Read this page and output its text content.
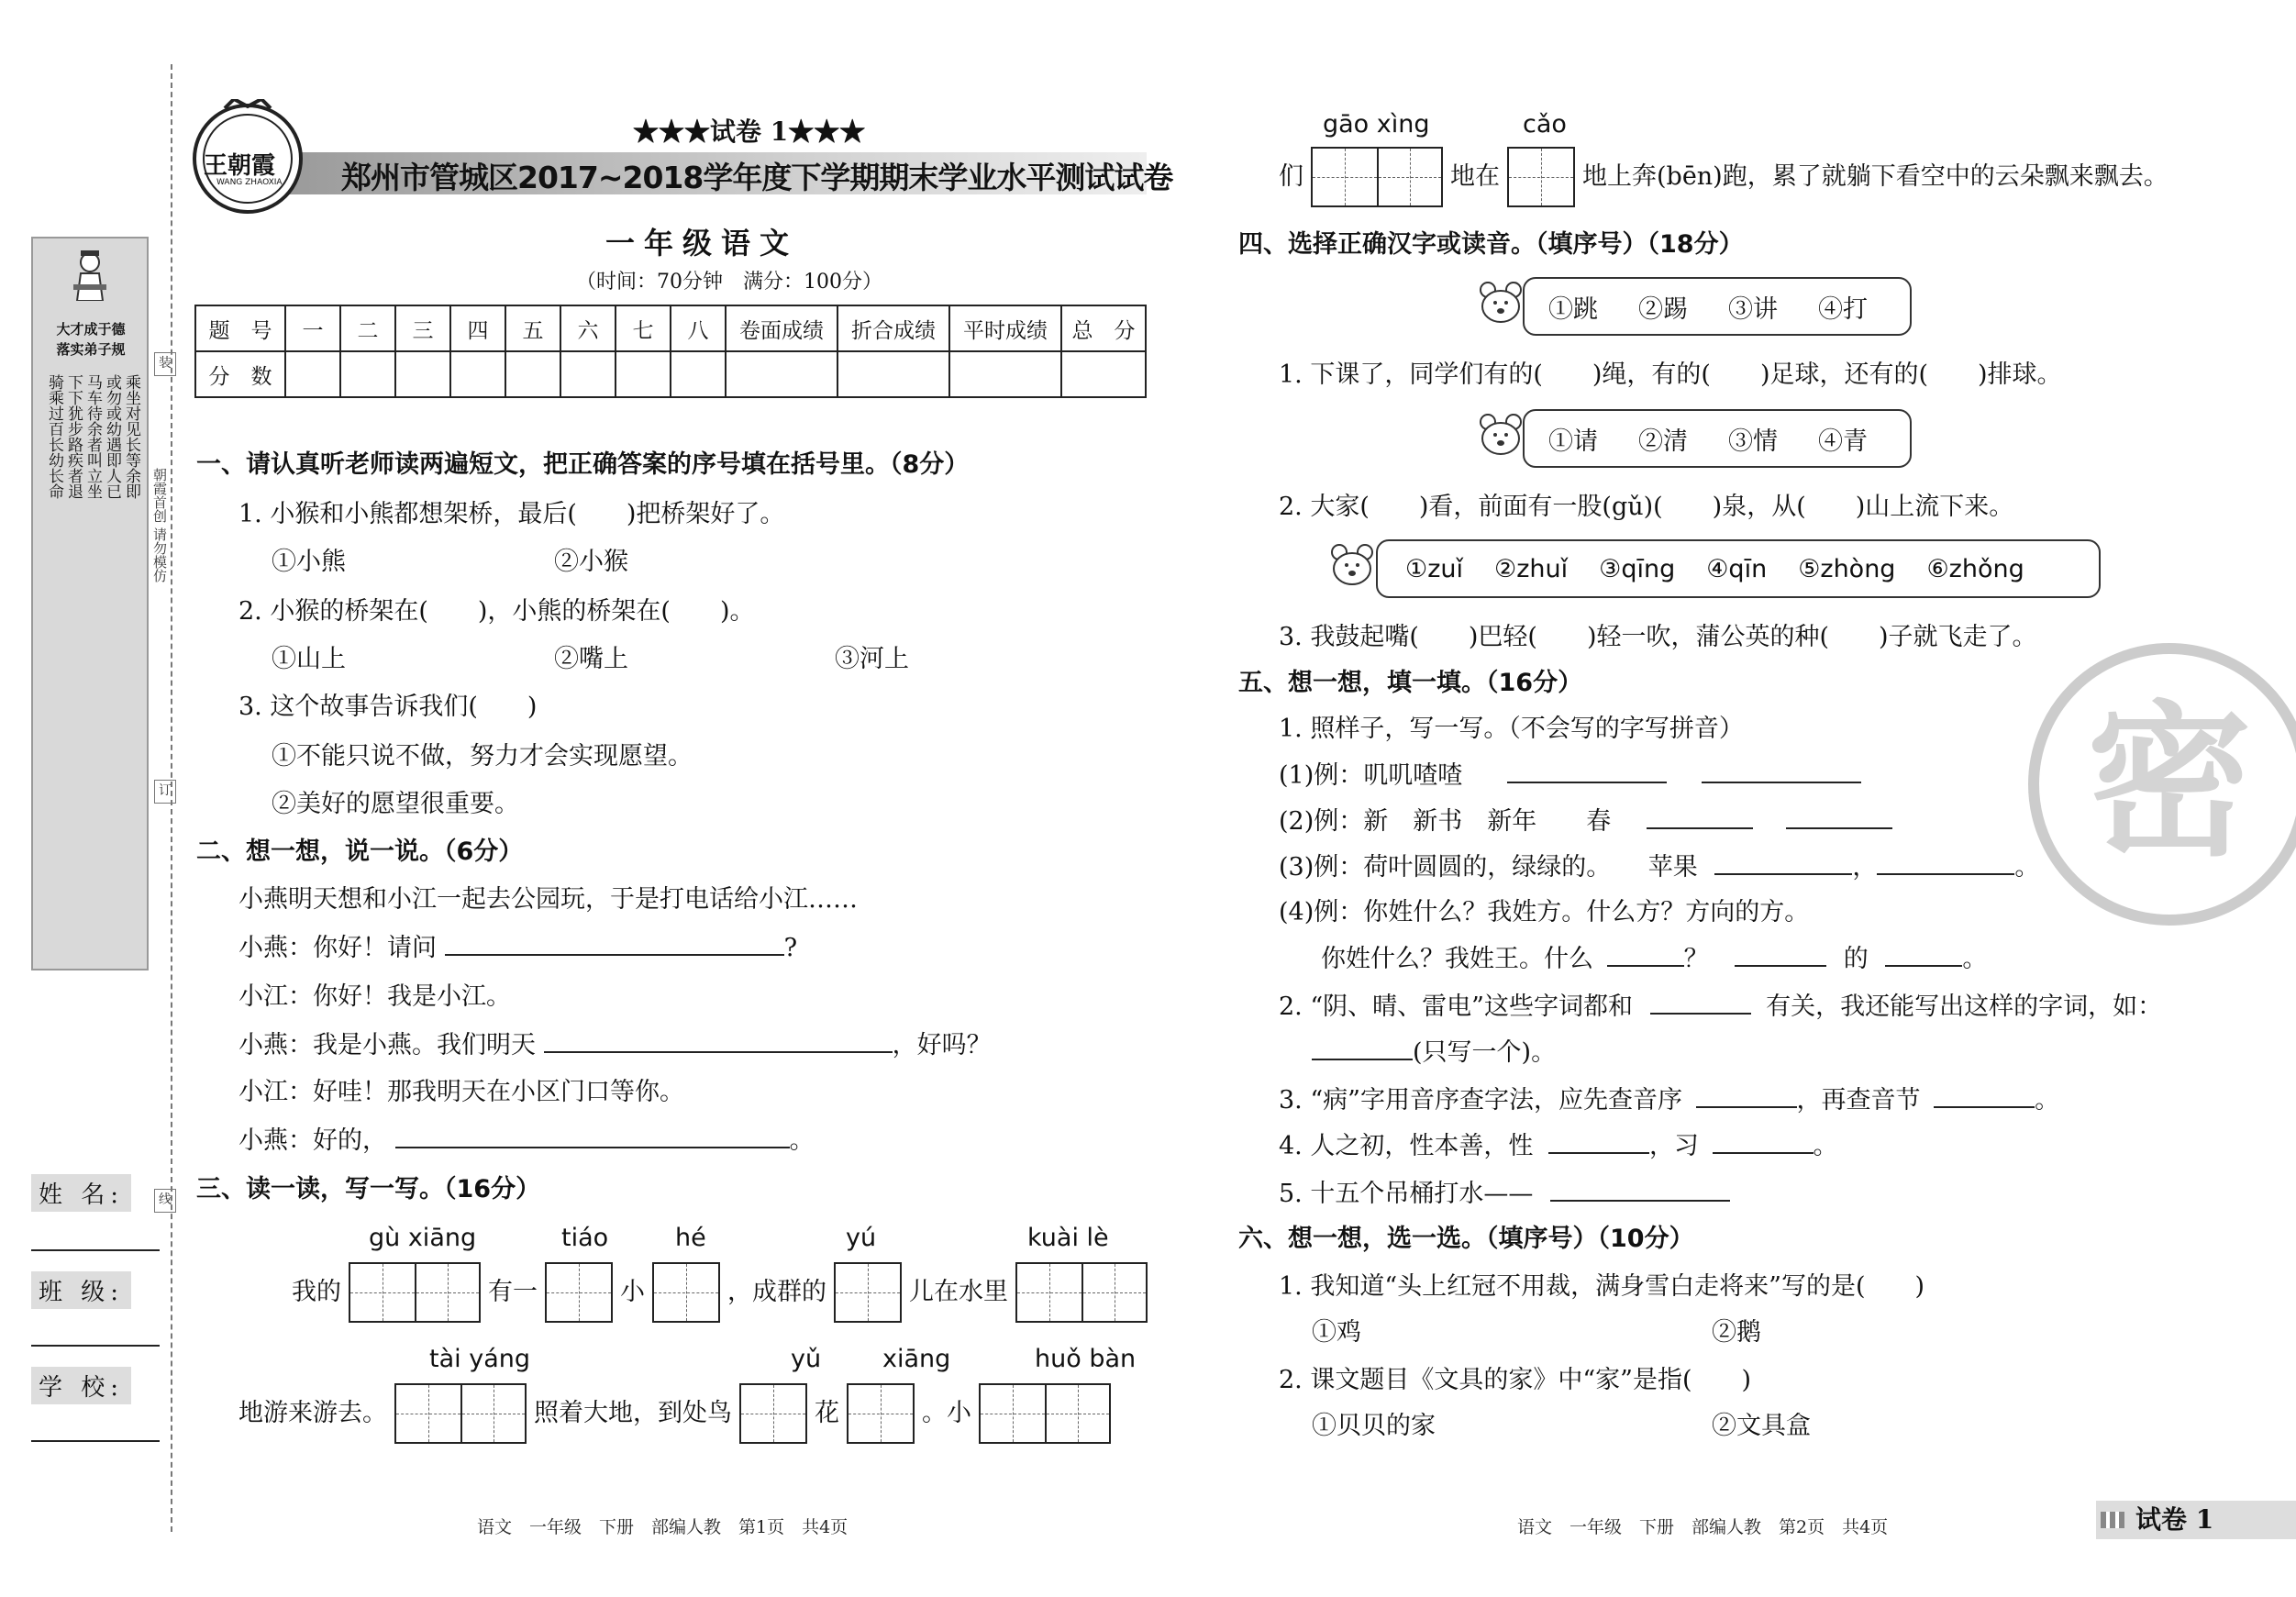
大才成于德
落实弟子规
朝霞首创 请勿模仿
装
订
线
姓 名:
班 级:
学 校:
骑乘过百长幼长命 下下犹步路疾者退 马车待余者叫立坐 或勿或幼遇即人已 乘坐对见长等余即
王朝霞
WANG ZHAOXIA
★★★试卷 1★★★
郑州市管城区2017~2018学年度下学期期末学业水平测试试卷
一年级语文
（时间：70分钟　满分：100分）
题　号	一	二	三	四	五	六	七	八	卷面成绩	折合成绩	平时成绩	总　分
分　数												
一、请认真听老师读两遍短文，把正确答案的序号填在括号里。（8分）
1. 小猴和小熊都想架桥，最后(　　)把桥架好了。
①小熊	②小猴
2. 小猴的桥架在(　　)，小熊的桥架在(　　)。
①山上	②嘴上	③河上
3. 这个故事告诉我们(　　)
①不能只说不做，努力才会实现愿望。
②美好的愿望很重要。
二、想一想，说一说。（6分）
小燕明天想和小江一起去公园玩，于是打电话给小江……
小燕：你好！请问	?
小江：你好！我是小江。
小燕：我是小燕。我们明天	，好吗？
小江：好哇！那我明天在小区门口等你。
小燕：好的，	。
三、读一读，写一写。（16分）
gù xiāng	tiáo	hé	yú	kuài lè
我的	有一	小	，成群的	儿在水里
tài yáng	yǔ xiāng	huǒ bàn
地游来游去。	照着大地，到处鸟	花	。小
语文　一年级　下册　部编人教　第1页　共4页
gāo xìng	cǎo
们	地在	地上奔(bēn)跑，累了就躺下看空中的云朵飘来飘去。
四、选择正确汉字或读音。（填序号）（18分）
①跳 ②踢 ③讲 ④打
1. 下课了，同学们有的(　　)绳，有的(　　)足球，还有的(　　)排球。
①请 ②清 ③情 ④青
2. 大家(　　)看，前面有一股(gǔ)(　　)泉，从(　　)山上流下来。
①zuǐ ②zhuǐ ③qīng ④qīn ⑤zhòng ⑥zhǒng
3. 我鼓起嘴(　　)巴轻(　　)轻一吹，蒲公英的种(　　)子就飞走了。
五、想一想，填一填。（16分）
1. 照样子，写一写。（不会写的字写拼音）
(1)例：叽叽喳喳
(2)例：新　新书　新年　　春
(3)例：荷叶圆圆的，绿绿的。　　苹果	，	。
(4)例：你姓什么？我姓方。什么方？方向的方。
你姓什么？我姓王。什么	？	的	。
2. “阴、晴、雷电”这些字词都和	有关，我还能写出这样的字词，如：
(只写一个)。
3. “病”字用音序查字法，应先查音序	，再查音节	。
4. 人之初，性本善，性	，习	。
5. 十五个吊桶打水——
六、想一想，选一选。（填序号）（10分）
1. 我知道“头上红冠不用裁，满身雪白走将来”写的是(　　)
①鸡	②鹅
2. 课文题目《文具的家》中“家”是指(　　)
①贝贝的家	②文具盒
语文　一年级　下册　部编人教　第2页　共4页
密
试卷 1
